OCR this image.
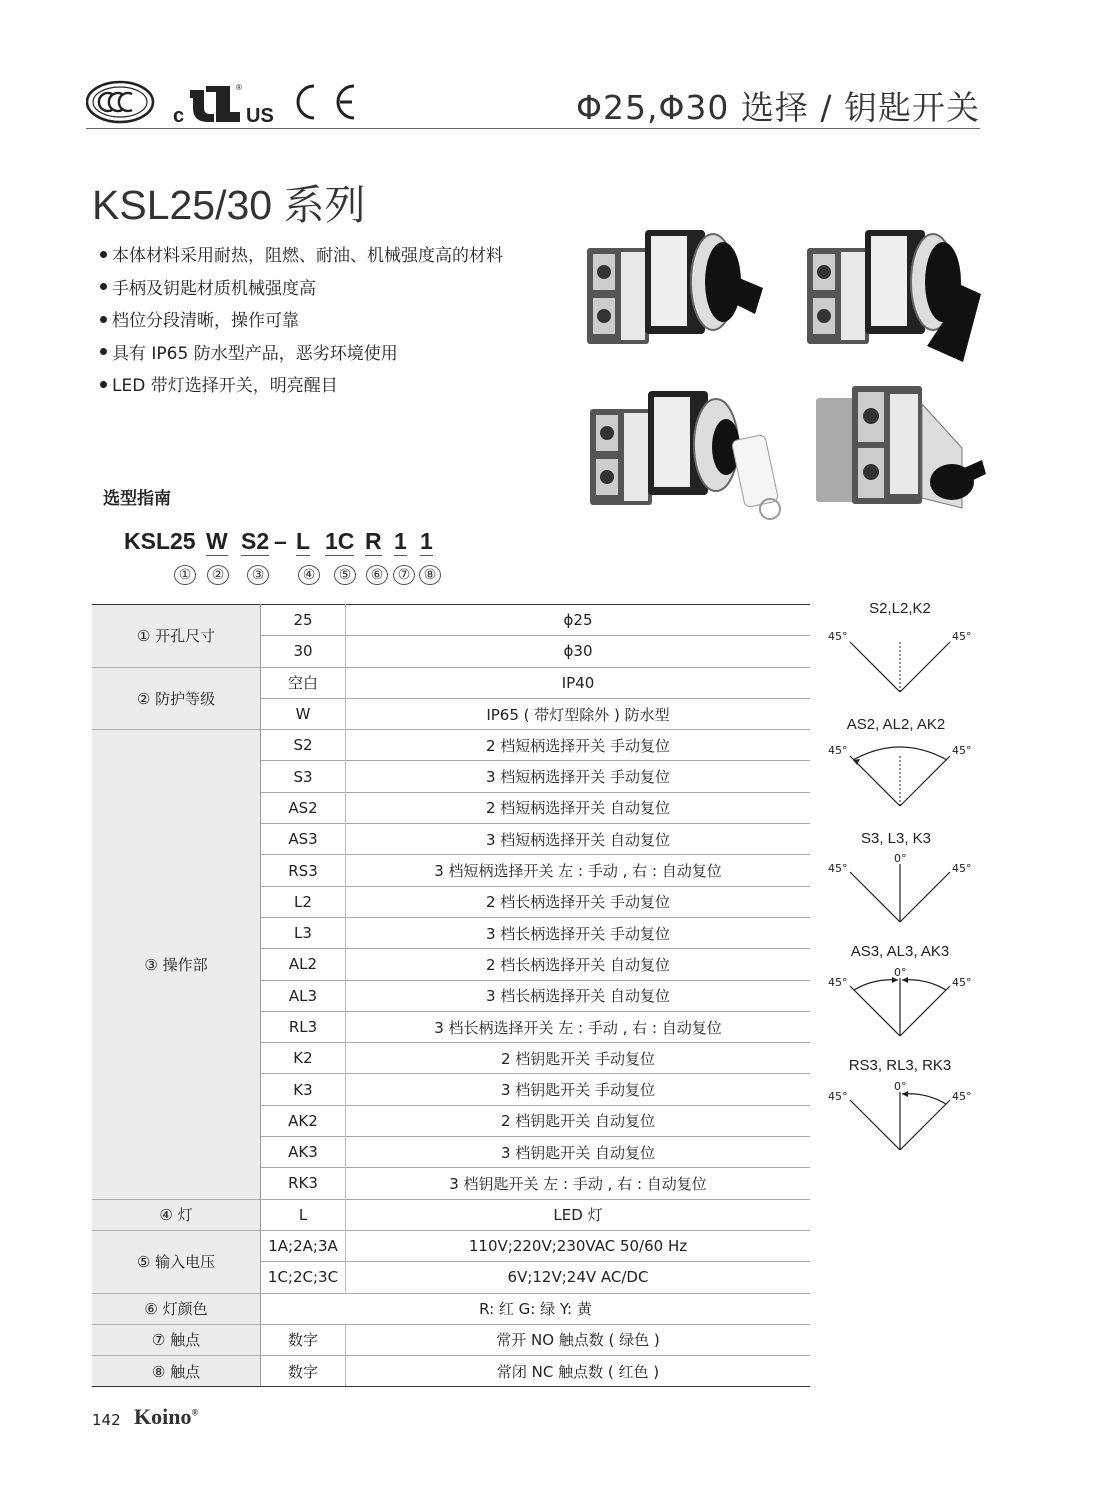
c	US
®
CE
Φ25,Φ30 选择 / 钥匙开关
KSL25/30 系列
本体材料采用耐热，阻燃、耐油、机械强度高的材料
手柄及钥匙材质机械强度高
档位分段清晰，操作可靠
具有 IP65 防水型产品，恶劣环境使用
LED 带灯选择开关，明亮醒目
选型指南
KSL25 W S2 – L 1C R 1 1
①	②	③	④	⑤	⑥	⑦ ⑧
① 开孔尺寸	25	ϕ25
	30	ϕ30
② 防护等级	空白	IP40
	W	IP65 ( 带灯型除外 ) 防水型
③ 操作部	S2	2 档短柄选择开关 手动复位
	S3	3 档短柄选择开关 手动复位
	AS2	2 档短柄选择开关 自动复位
	AS3	3 档短柄选择开关 自动复位
	RS3	3 档短柄选择开关 左 : 手动 , 右 : 自动复位
	L2	2 档长柄选择开关 手动复位
	L3	3 档长柄选择开关 手动复位
	AL2	2 档长柄选择开关 自动复位
	AL3	3 档长柄选择开关 自动复位
	RL3	3 档长柄选择开关 左 : 手动 , 右 : 自动复位
	K2	2 档钥匙开关 手动复位
	K3	3 档钥匙开关 手动复位
	AK2	2 档钥匙开关 自动复位
	AK3	3 档钥匙开关 自动复位
	RK3	3 档钥匙开关 左 : 手动 , 右 : 自动复位
④ 灯	L	LED 灯
⑤ 输入电压	1A;2A;3A	110V;220V;230VAC 50/60 Hz
	1C;2C;3C	6V;12V;24V AC/DC
⑥ 灯颜色	R: 红 G: 绿 Y: 黄	
⑦ 触点	数字	常开 NO 触点数 ( 绿色 )
⑧ 触点	数字	常闭 NC 触点数 ( 红色 )
S2,L2,K2
45°	45°
AS2, AL2, AK2
45°	45°
S3, L3, K3
45°	45°
0°
AS3, AL3, AK3
45°	45°
0°
RS3, RL3, RK3
45°	45°
0°
142 Koino®
